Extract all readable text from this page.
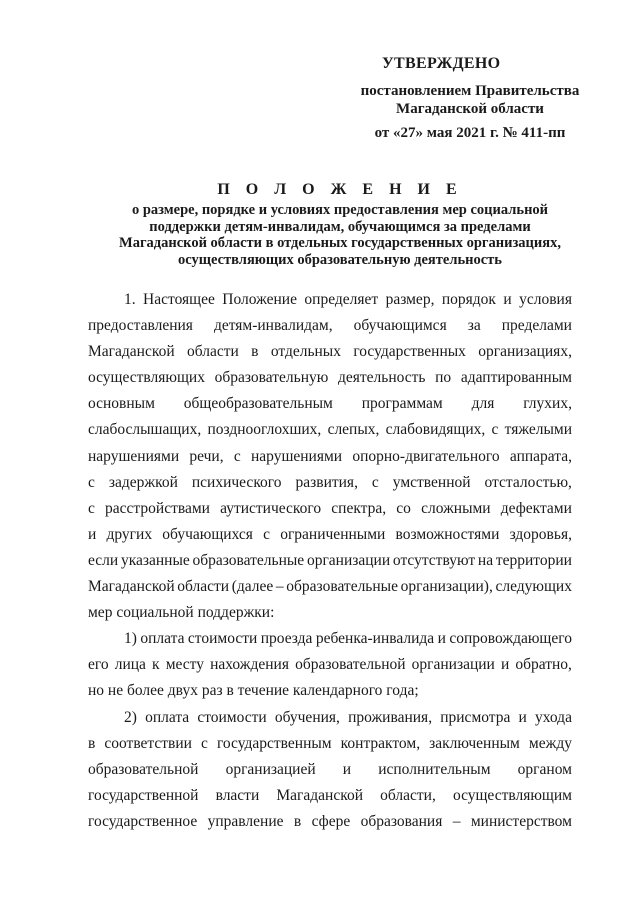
УТВЕРЖДЕНО
постановлением Правительства
Магаданской области
от «27» мая 2021 г. № 411-пп
П О Л О Ж Е Н И Е
о размере, порядке и условиях предоставления мер социальной
поддержки детям-инвалидам, обучающимся за пределами
Магаданской области в отдельных государственных организациях,
осуществляющих образовательную деятельность
1. Настоящее Положение определяет размер, порядок и условия
предоставления детям-инвалидам, обучающимся за пределами
Магаданской области в отдельных государственных организациях,
осуществляющих образовательную деятельность по адаптированным
основным общеобразовательным программам для глухих,
слабослышащих, позднооглохших, слепых, слабовидящих, с тяжелыми
нарушениями речи, с нарушениями опорно-двигательного аппарата,
с задержкой психического развития, с умственной отсталостью,
с расстройствами аутистического спектра, со сложными дефектами
и других обучающихся с ограниченными возможностями здоровья,
если указанные образовательные организации отсутствуют на территории
Магаданской области (далее – образовательные организации), следующих
мер социальной поддержки:
1) оплата стоимости проезда ребенка-инвалида и сопровождающего
его лица к месту нахождения образовательной организации и обратно,
но не более двух раз в течение календарного года;
2) оплата стоимости обучения, проживания, присмотра и ухода
в соответствии с государственным контрактом, заключенным между
образовательной организацией и исполнительным органом
государственной власти Магаданской области, осуществляющим
государственное управление в сфере образования – министерством
